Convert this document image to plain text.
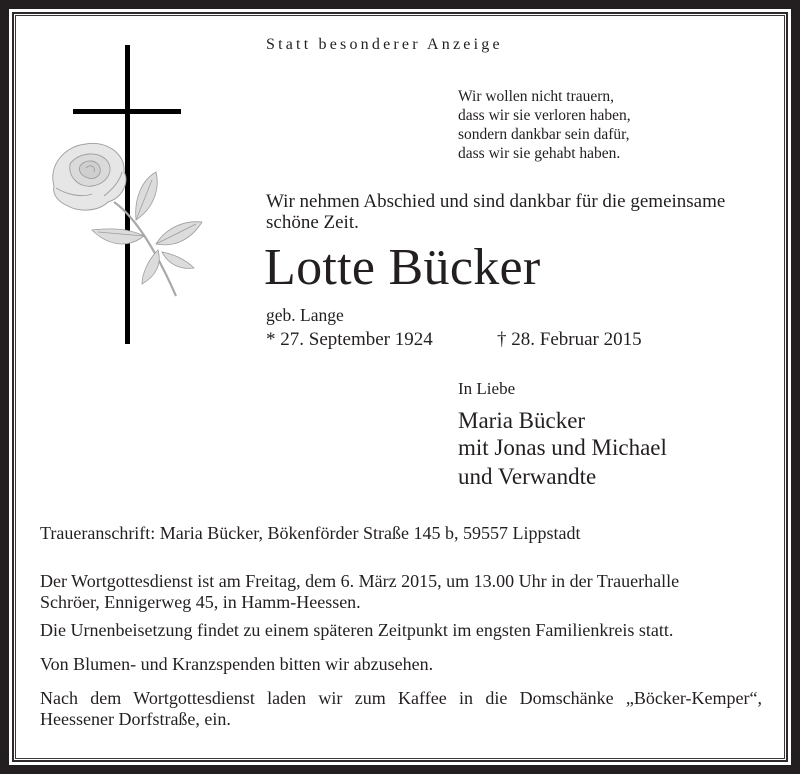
Statt besonderer Anzeige
Wir wollen nicht trauern,
dass wir sie verloren haben,
sondern dankbar sein dafür,
dass wir sie gehabt haben.
Wir nehmen Abschied und sind dankbar für die gemeinsame
schöne Zeit.
Lotte Bücker
geb. Lange
* 27. September 1924	† 28. Februar 2015
In Liebe
Maria Bücker
mit Jonas und Michael
und Verwandte
Traueranschrift: Maria Bücker, Bökenförder Straße 145 b, 59557 Lippstadt
Der Wortgottesdienst ist am Freitag, dem 6. März 2015, um 13.00 Uhr in der Trauerhalle
Schröer, Ennigerweg 45, in Hamm-Heessen.
Die Urnenbeisetzung findet zu einem späteren Zeitpunkt im engsten Familienkreis statt.
Von Blumen- und Kranzspenden bitten wir abzusehen.
Nach dem Wortgottesdienst laden wir zum Kaffee in die Domschänke „Böcker-Kemper“,
Heessener Dorfstraße, ein.
